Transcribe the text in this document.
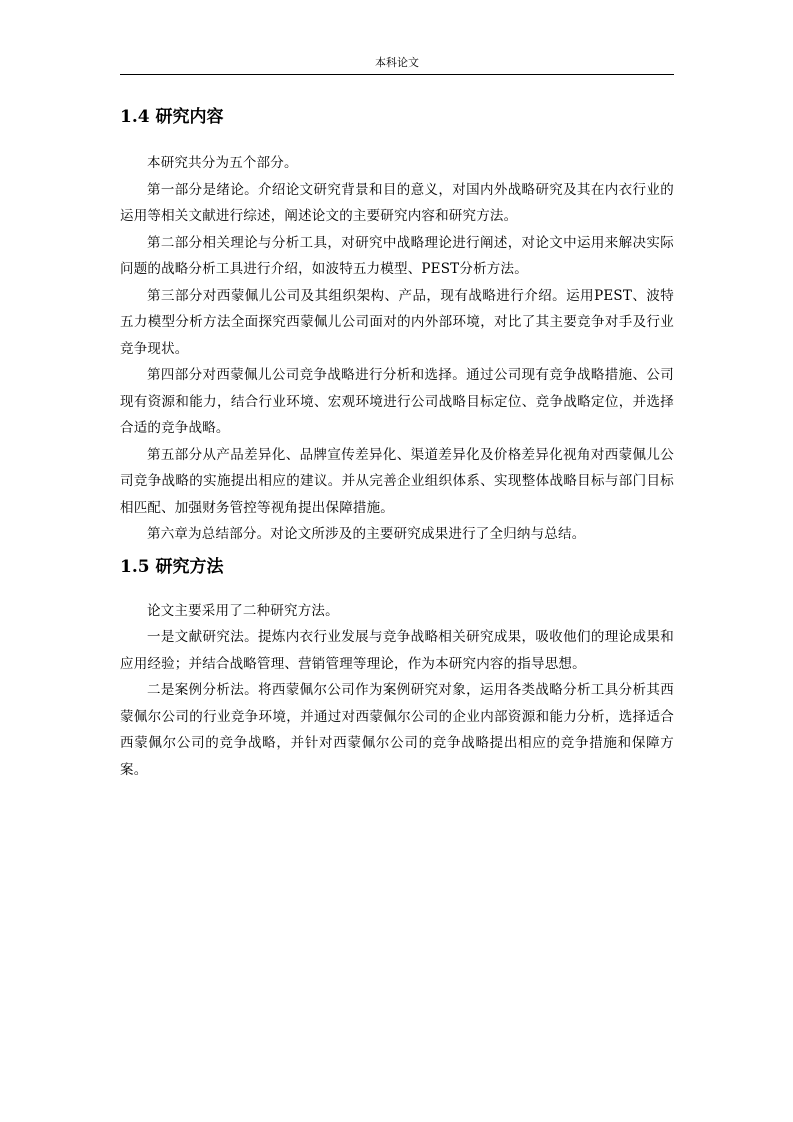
本科论文
1.4 研究内容

本研究共分为五个部分。

第一部分是绪论。介绍论文研究背景和目的意义，对国内外战略研究及其在内衣行业的运用等相关文献进行综述，阐述论文的主要研究内容和研究方法。

第二部分相关理论与分析工具，对研究中战略理论进行阐述，对论文中运用来解决实际问题的战略分析工具进行介绍，如波特五力模型、PEST分析方法。

第三部分对西蒙佩儿公司及其组织架构、产品，现有战略进行介绍。运用PEST、波特五力模型分析方法全面探究西蒙佩儿公司面对的内外部环境，对比了其主要竞争对手及行业竞争现状。

第四部分对西蒙佩儿公司竞争战略进行分析和选择。通过公司现有竞争战略措施、公司现有资源和能力，结合行业环境、宏观环境进行公司战略目标定位、竞争战略定位，并选择合适的竞争战略。

第五部分从产品差异化、品牌宣传差异化、渠道差异化及价格差异化视角对西蒙佩儿公司竞争战略的实施提出相应的建议。并从完善企业组织体系、实现整体战略目标与部门目标相匹配、加强财务管控等视角提出保障措施。

第六章为总结部分。对论文所涉及的主要研究成果进行了全归纳与总结。

1.5 研究方法

论文主要采用了二种研究方法。

一是文献研究法。提炼内衣行业发展与竞争战略相关研究成果，吸收他们的理论成果和应用经验；并结合战略管理、营销管理等理论，作为本研究内容的指导思想。

二是案例分析法。将西蒙佩尔公司作为案例研究对象，运用各类战略分析工具分析其西蒙佩尔公司的行业竞争环境，并通过对西蒙佩尔公司的企业内部资源和能力分析，选择适合西蒙佩尔公司的竞争战略，并针对西蒙佩尔公司的竞争战略提出相应的竞争措施和保障方案。
